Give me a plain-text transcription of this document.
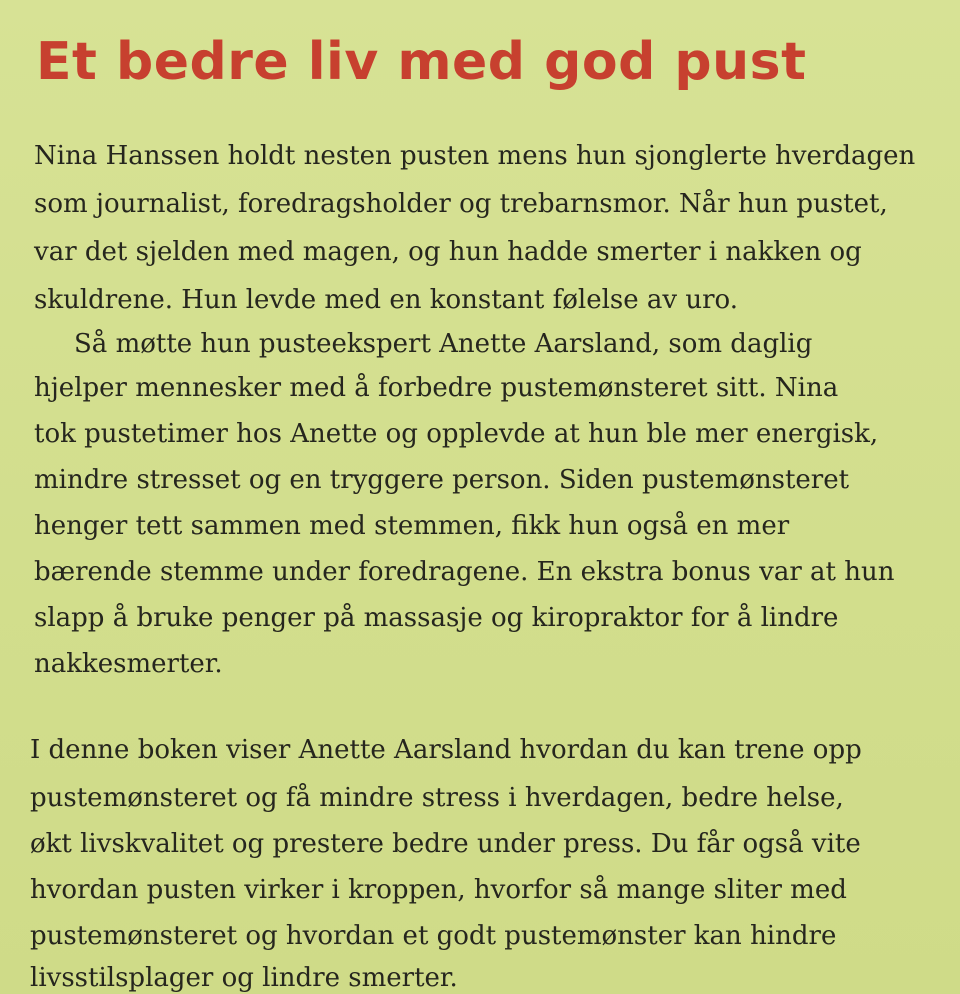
Et bedre liv med god pust

Nina Hanssen holdt nesten pusten mens hun sjonglerte hverdagen

som journalist, foredragsholder og trebarnsmor. Når hun pustet,

var det sjelden med magen, og hun hadde smerter i nakken og

skuldrene. Hun levde med en konstant følelse av uro.

Så møtte hun pusteekspert Anette Aarsland, som daglig

hjelper mennesker med å forbedre pustemønsteret sitt. Nina

tok pustetimer hos Anette og opplevde at hun ble mer energisk,

mindre stresset og en tryggere person. Siden pustemønsteret

henger tett sammen med stemmen, fikk hun også en mer

bærende stemme under foredragene. En ekstra bonus var at hun

slapp å bruke penger på massasje og kiropraktor for å lindre

nakkesmerter.

I denne boken viser Anette Aarsland hvordan du kan trene opp

pustemønsteret og få mindre stress i hverdagen, bedre helse,

økt livskvalitet og prestere bedre under press. Du får også vite

hvordan pusten virker i kroppen, hvorfor så mange sliter med

pustemønsteret og hvordan et godt pustemønster kan hindre

livsstilsplager og lindre smerter.
